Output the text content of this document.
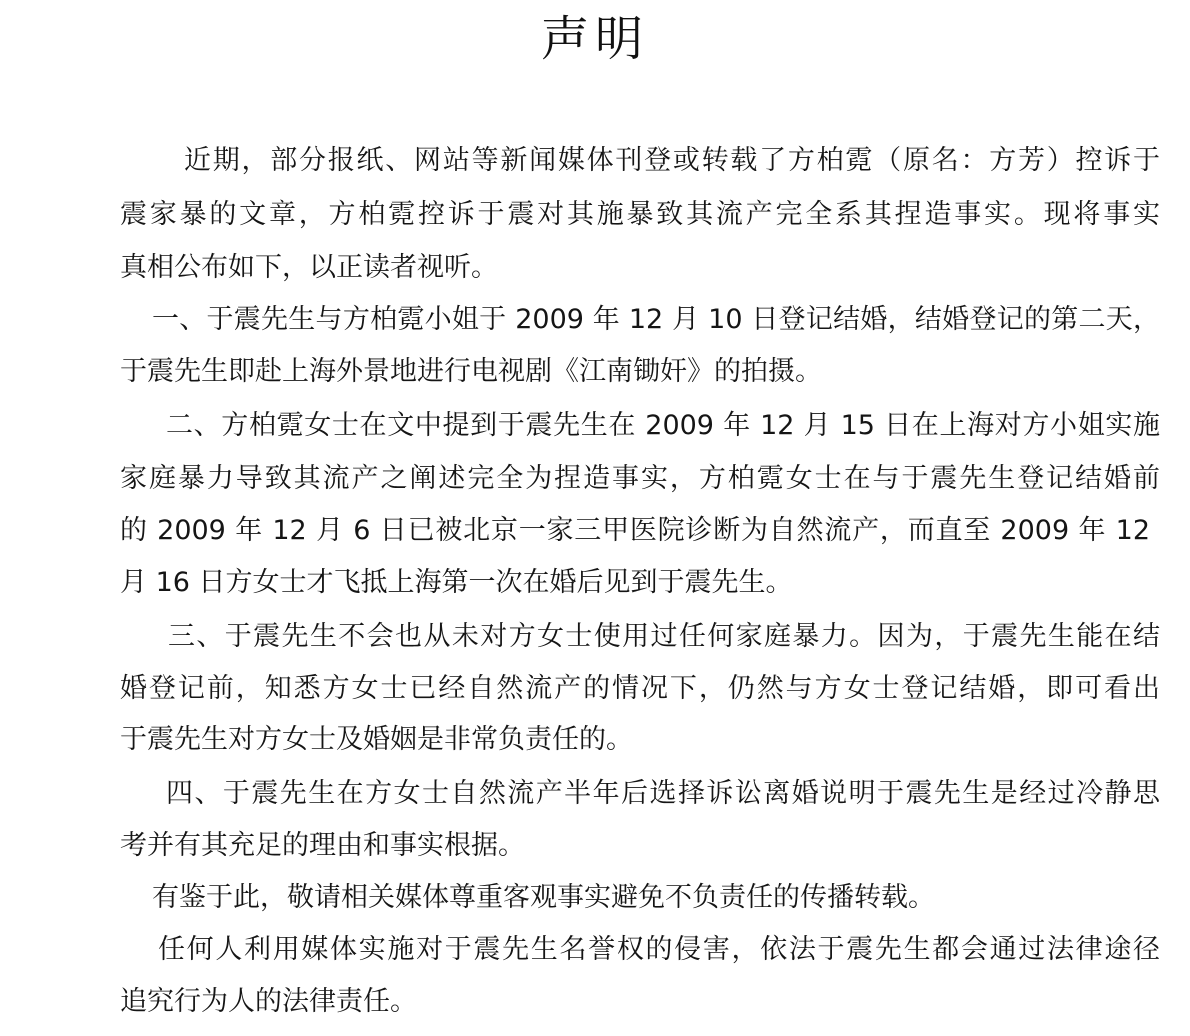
声明
近期，部分报纸、网站等新闻媒体刊登或转载了方柏霓（原名：方芳）控诉于
震家暴的文章，方柏霓控诉于震对其施暴致其流产完全系其捏造事实。现将事实
真相公布如下，以正读者视听。
一、于震先生与方柏霓小姐于 2009 年 12 月 10 日登记结婚，结婚登记的第二天，
于震先生即赴上海外景地进行电视剧《江南锄奸》的拍摄。
二、方柏霓女士在文中提到于震先生在 2009 年 12 月 15 日在上海对方小姐实施
家庭暴力导致其流产之阐述完全为捏造事实，方柏霓女士在与于震先生登记结婚前
的 2009 年 12 月 6 日已被北京一家三甲医院诊断为自然流产，而直至 2009 年 12
月 16 日方女士才飞抵上海第一次在婚后见到于震先生。
三、于震先生不会也从未对方女士使用过任何家庭暴力。因为，于震先生能在结
婚登记前，知悉方女士已经自然流产的情况下，仍然与方女士登记结婚，即可看出
于震先生对方女士及婚姻是非常负责任的。
四、于震先生在方女士自然流产半年后选择诉讼离婚说明于震先生是经过冷静思
考并有其充足的理由和事实根据。
有鉴于此，敬请相关媒体尊重客观事实避免不负责任的传播转载。
任何人利用媒体实施对于震先生名誉权的侵害，依法于震先生都会通过法律途径
追究行为人的法律责任。
